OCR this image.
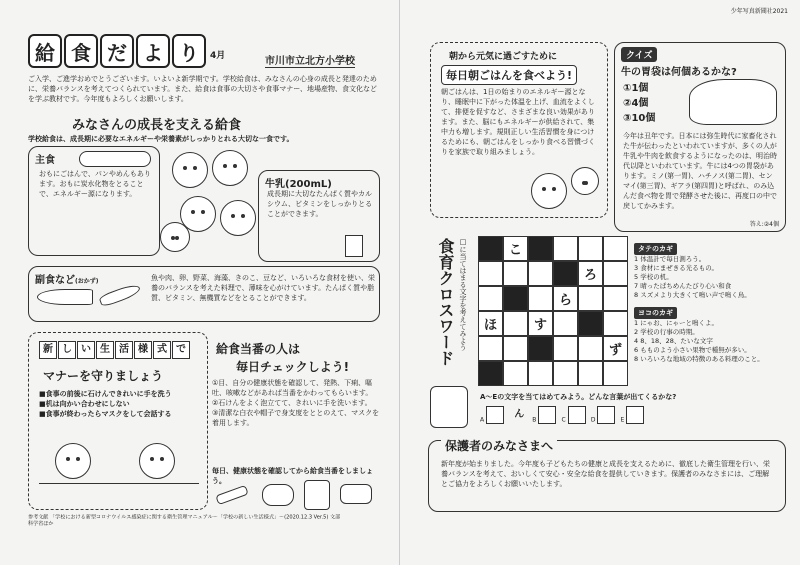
給 食 だ よ り	4月	市川市立北方小学校
ご入学、ご進学おめでとうございます。いよいよ新学期です。学校給食は、みなさんの心身の成長と発達のために、栄養バランスを考えてつくられています。また、給食は食事の大切さや食事マナー、地場産物、食文化などを学ぶ教材です。今年度もよろしくお願いします。
みなさんの成長を支える給食
学校給食は、成長期に必要なエネルギーや栄養素がしっかりとれる大切な一食です。
主食
おもにごはんで、パンやめんもあります。おもに炭水化物をとることで、エネルギー源になります。
牛乳(200mL)
成長期に大切なたんぱく質やカルシウム、ビタミンをしっかりとることができます。
副食など(おかず)	魚や肉、卵、野菜、海藻、きのこ、豆など、いろいろな食材を使い、栄養のバランスを考えた料理で、薄味を心がけています。たんぱく質や脂質、ビタミン、無機質などをとることができます。
新 し い 生 活 様 式 で
マナーを守りましょう
■食事の前後に石けんできれいに手を洗う
■机は向かい合わせにしない
■食事が終わったらマスクをして会話する
給食当番の人は
毎日チェックしよう!
①目、自分の健康状態を確認して、発熱、下痢、嘔吐、咳嗽などがあれば当番をかわってもらいます。
②石けんをよく泡立てて、きれいに手を洗います。
③清潔な白衣や帽子で身支度をととのえて、マスクを着用します。
毎日、健康状態を確認してから給食当番をしましょう。
参考文献 「学校における新型コロナウイルス感染症に関する衛生管理マニュアル～「学校の新しい生活様式」～(2020.12.3 Ver.5) 文部科学省ほか
少年写真新聞社2021
朝から元気に過ごすために
毎日朝ごはんを食べよう!
朝ごはんは、1日の始まりのエネルギー源となり、睡眠中に下がった体温を上げ、血流をよくして、排便を促すなど、さまざまな良い効果があります。また、脳にもエネルギーが供給されて、集中力も増します。規則正しい生活習慣を身につけるためにも、朝ごはんをしっかり食べる習慣づくりを家族で取り組みましょう。
クイズ
牛の胃袋は何個あるかな?
①1個
②4個
③10個
今年は丑年です。日本には弥生時代に家畜化された牛が伝わったといわれていますが、多くの人が牛乳や牛肉を飲食するようになったのは、明治時代以降といわれています。牛には4つの胃袋があります。ミノ(第一胃)、ハチノス(第二胃)、センマイ(第三胃)、ギアラ(第四胃)と呼ばれ、のみ込んだ食べ物を胃で発酵させた後に、再度口の中で戻してかみます。
答え:②4個
食育クロスワード □に当てはまる文字を考えてみよう	こ
ろ
ら
ほ	す
ず
タテのカギ
1 体温計で毎日測ろう。
3 食材にまぜきる光るもの。
5 学校の机。
7 晴ったぱちめんたびり心い和食
8 スズメより大きくて鳴い声で鳴く鳥。
ヨコのカギ
1 にゃお、にゃーと鳴くよ。
2 学校の行事の時期。
4 8、18、28、たいな文字
6 もものよう小さい果物で種無が多い。
8 いろいろな地域の特徴のある料理のこと。
A～Eの文字を当てはめてみよう。どんな言葉が出てくるかな?
A ん B	C	D	E
保護者のみなさまへ
新年度が始まりました。今年度も子どもたちの健康と成長を支えるために、徹底した衛生管理を行い、栄養バランスを考えて、おいしくて安心・安全な給食を提供していきます。保護者のみなさまには、ご理解とご協力をよろしくお願いいたします。
